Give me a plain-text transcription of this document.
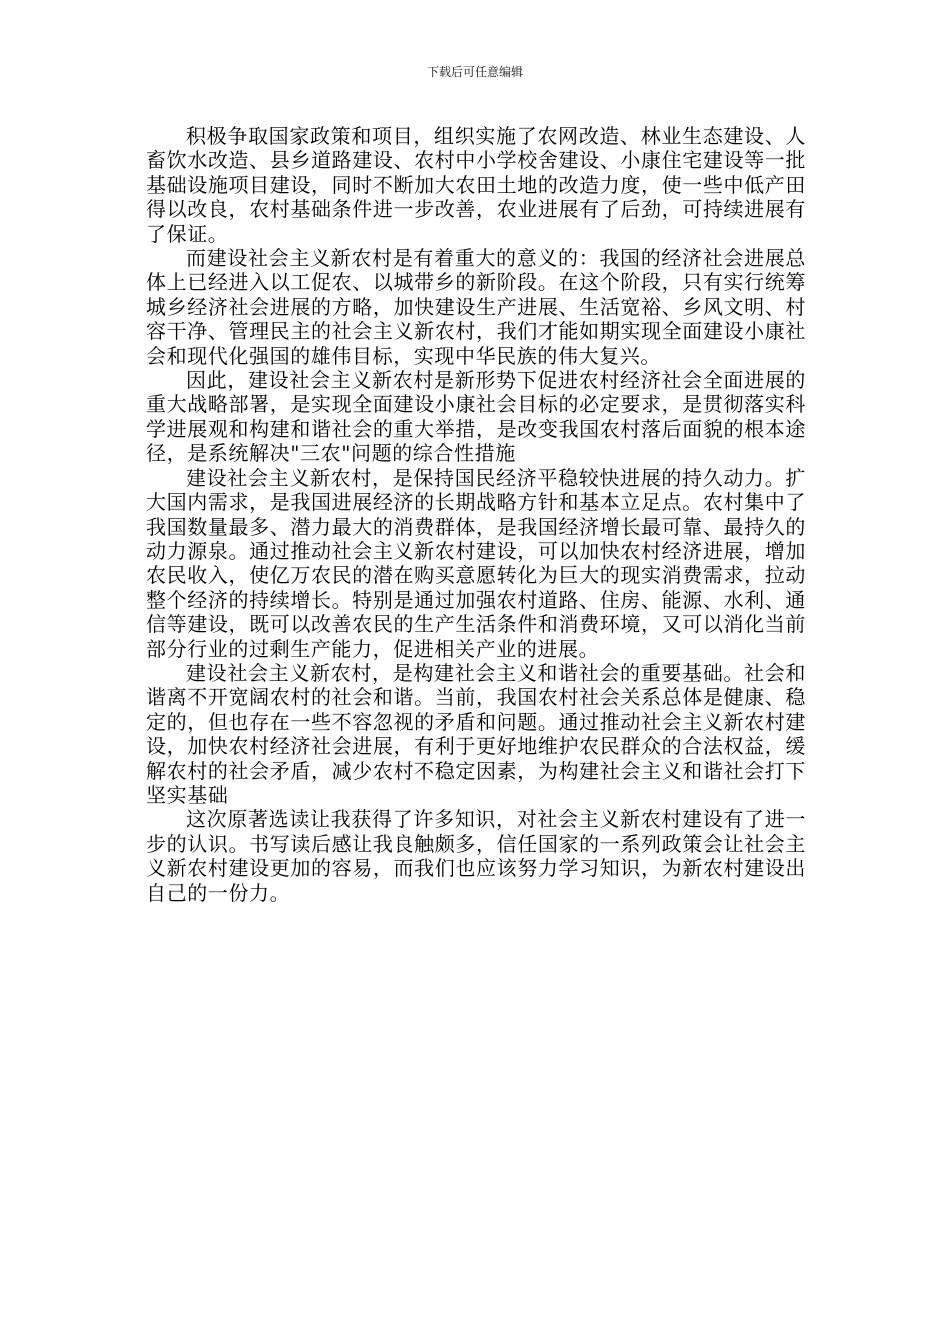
下载后可任意编辑

积极争取国家政策和项目，组织实施了农网改造、林业生态建设、人畜饮水改造、县乡道路建设、农村中小学校舍建设、小康住宅建设等一批基础设施项目建设，同时不断加大农田土地的改造力度，使一些中低产田得以改良，农村基础条件进一步改善，农业进展有了后劲，可持续进展有了保证。

而建设社会主义新农村是有着重大的意义的：我国的经济社会进展总体上已经进入以工促农、以城带乡的新阶段。在这个阶段，只有实行统筹城乡经济社会进展的方略，加快建设生产进展、生活宽裕、乡风文明、村容干净、管理民主的社会主义新农村，我们才能如期实现全面建设小康社会和现代化强国的雄伟目标，实现中华民族的伟大复兴。

因此，建设社会主义新农村是新形势下促进农村经济社会全面进展的重大战略部署，是实现全面建设小康社会目标的必定要求，是贯彻落实科学进展观和构建和谐社会的重大举措，是改变我国农村落后面貌的根本途径，是系统解决"三农"问题的综合性措施

建设社会主义新农村，是保持国民经济平稳较快进展的持久动力。扩大国内需求，是我国进展经济的长期战略方针和基本立足点。农村集中了我国数量最多、潜力最大的消费群体，是我国经济增长最可靠、最持久的动力源泉。通过推动社会主义新农村建设，可以加快农村经济进展，增加农民收入，使亿万农民的潜在购买意愿转化为巨大的现实消费需求，拉动整个经济的持续增长。特别是通过加强农村道路、住房、能源、水利、通信等建设，既可以改善农民的生产生活条件和消费环境，又可以消化当前部分行业的过剩生产能力，促进相关产业的进展。

建设社会主义新农村，是构建社会主义和谐社会的重要基础。社会和谐离不开宽阔农村的社会和谐。当前，我国农村社会关系总体是健康、稳定的，但也存在一些不容忽视的矛盾和问题。通过推动社会主义新农村建设，加快农村经济社会进展，有利于更好地维护农民群众的合法权益，缓解农村的社会矛盾，减少农村不稳定因素，为构建社会主义和谐社会打下坚实基础

这次原著选读让我获得了许多知识，对社会主义新农村建设有了进一步的认识。书写读后感让我良触颇多，信任国家的一系列政策会让社会主义新农村建设更加的容易，而我们也应该努力学习知识，为新农村建设出自己的一份力。
